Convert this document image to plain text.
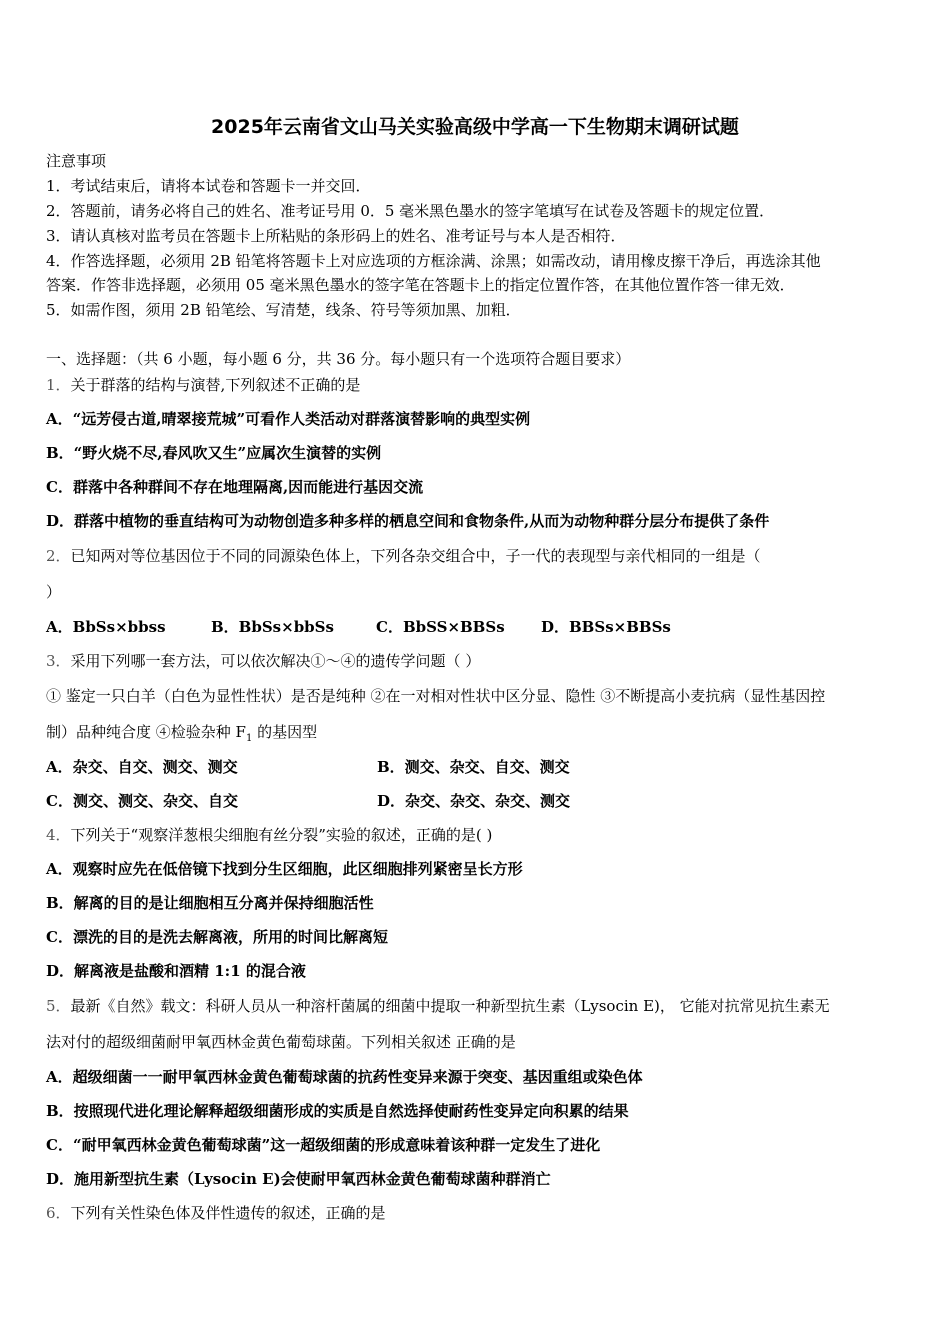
2025年云南省文山马关实验高级中学高一下生物期末调研试题
注意事项
1．考试结束后，请将本试卷和答题卡一并交回．
2．答题前，请务必将自己的姓名、准考证号用 0．5 毫米黑色墨水的签字笔填写在试卷及答题卡的规定位置．
3．请认真核对监考员在答题卡上所粘贴的条形码上的姓名、准考证号与本人是否相符．
4．作答选择题，必须用 2B 铅笔将答题卡上对应选项的方框涂满、涂黑；如需改动，请用橡皮擦干净后，再选涂其他
答案．作答非选择题，必须用 05 毫米黑色墨水的签字笔在答题卡上的指定位置作答，在其他位置作答一律无效．
5．如需作图，须用 2B 铅笔绘、写清楚，线条、符号等须加黑、加粗．
一、选择题：（共 6 小题，每小题 6 分，共 36 分。每小题只有一个选项符合题目要求）
1．关于群落的结构与演替,下列叙述不正确的是
A．“远芳侵古道,晴翠接荒城”可看作人类活动对群落演替影响的典型实例
B．“野火烧不尽,春风吹又生”应属次生演替的实例
C．群落中各种群间不存在地理隔离,因而能进行基因交流
D．群落中植物的垂直结构可为动物创造多种多样的栖息空间和食物条件,从而为动物种群分层分布提供了条件
2．已知两对等位基因位于不同的同源染色体上，下列各杂交组合中，子一代的表现型与亲代相同的一组是（
）
A．BbSs×bbss	B．BbSs×bbSs	C．BbSS×BBSs D．BBSs×BBSs
3．采用下列哪一套方法，可以依次解决①～④的遗传学问题（ ）
① 鉴定一只白羊（白色为显性性状）是否是纯种 ②在一对相对性状中区分显、隐性 ③不断提高小麦抗病（显性基因控
制）品种纯合度 ④检验杂种 $F_1$ 的基因型
A．杂交、自交、测交、测交	B．测交、杂交、自交、测交
C．测交、测交、杂交、自交	D．杂交、杂交、杂交、测交
4．下列关于“观察洋葱根尖细胞有丝分裂”实验的叙述，正确的是( )
A．观察时应先在低倍镜下找到分生区细胞，此区细胞排列紧密呈长方形
B．解离的目的是让细胞相互分离并保持细胞活性
C．漂洗的目的是洗去解离液，所用的时间比解离短
D．解离液是盐酸和酒精 1:1 的混合液
5．最新《自然》载文：科研人员从一种溶杆菌属的细菌中提取一种新型抗生素（Lysocin E)， 它能对抗常见抗生素无
法对付的超级细菌耐甲氧西林金黄色葡萄球菌。下列相关叙述 正确的是
A．超级细菌一一耐甲氧西林金黄色葡萄球菌的抗药性变异来源于突变、基因重组或染色体
B．按照现代进化理论解释超级细菌形成的实质是自然选择使耐药性变异定向积累的结果
C．“耐甲氧西林金黄色葡萄球菌”这一超级细菌的形成意味着该种群一定发生了进化
D．施用新型抗生素（Lysocin E)会使耐甲氧西林金黄色葡萄球菌种群消亡
6．下列有关性染色体及伴性遗传的叙述，正确的是
